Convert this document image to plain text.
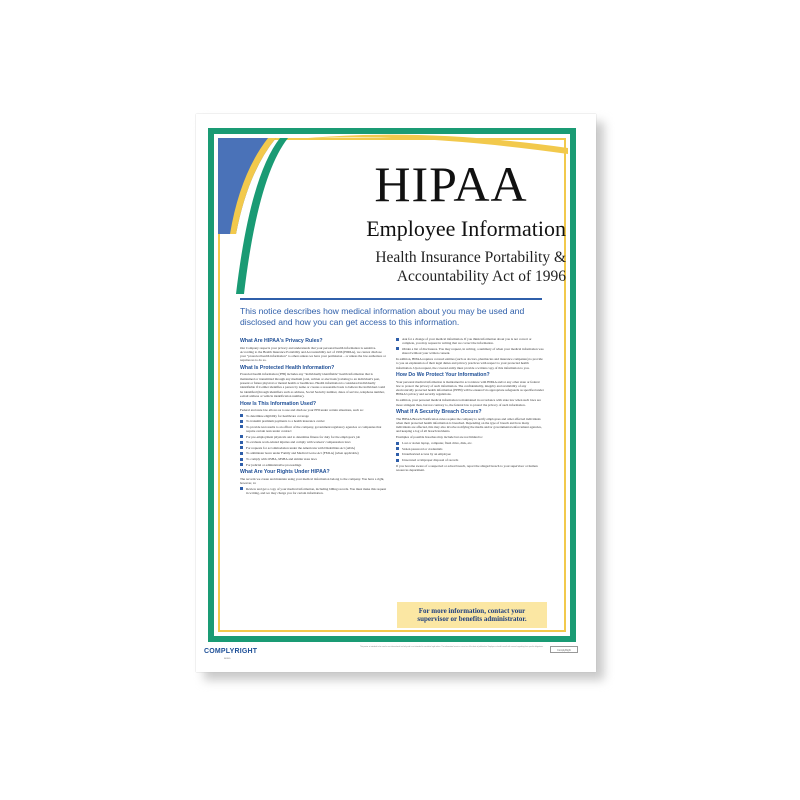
HIPAA
Employee Information
Health Insurance Portability &
Accountability Act of 1996
This notice describes how medical information about you may be used and disclosed and how you can get access to this information.
What Are HIPAA's Privacy Rules?

Our Company respects your privacy and understands that your personal health information is sensitive. According to the Health Insurance Portability and Accountability Act of 1996 (HIPAA), we cannot disclose your "protected health information" to others unless we have your permission – or unless the law authorizes or requires us to do so.

What Is Protected Health Information?

Protected health information (PHI) includes any "individually identifiable" health information that is maintained or transmitted through any medium (oral, written or electronic) relating to an individual's past, present or future physical or mental health or healthcare. Health information is considered individually identifiable if it either identifies a person by name or creates a reasonable basis to believe the individual could be identified (through identifiers such as address, Social Security number, dates of service, telephone number, e-mail address or vehicle identification number).

How Is This Information Used?

Federal and state law allows us to use and disclose your PHI under certain situations, such as:

To determine eligibility for healthcare coverage
To transmit premium payments to a health insurance carrier
To provide test results to an officer of the company, government regulatory agencies or companies that require certain tests under contract
For pre-employment physicals and to determine fitness for duty for the employee's job
To evaluate work-related injuries and comply with workers' compensation laws
For requests for accommodation under the Americans with Disabilities Act (ADA)
To administer leave under Family and Medical Leave Act (FMLA) (when applicable)
To comply with OSHA, MSHA and similar state laws
For judicial or administrative proceedings
What Are Your Rights Under HIPAA?

The records we create and maintain using your medical information belong to the company. You have a right, however, to:

Review and get a copy of your medical information, including billing records. You must make this request in writing, and we may charge you for certain information.
Ask for a change of your medical information. If you think information about you is not correct or complete, you may request in writing that we correct the information.
Obtain a list of disclosures. You may request, in writing, a summary of when your medical information was shared without your written consent.

In addition, HIPAA requires covered entities (such as doctors, pharmacies and insurance companies) to provide to you an explanation of their legal duties and privacy practices with respect to your protected health information. Upon request, the covered entity must provide a written copy of this information to you.

How Do We Protect Your Information?

Your personal medical information is maintained in accordance with HIPAA and/or any other state or federal law to protect the privacy of such information. The confidentiality, integrity and availability of any electronically protected health information (EPHI) will be ensured via appropriate safeguards as specified under HIPAA's privacy and security regulations.

In addition, your personal medical information is maintained in accordance with state law when such laws are more stringent than, but not contrary to, the federal law to protect the privacy of such information.

What If A Security Breach Occurs?

The HIPAA Breach Notification rules require the company to notify employees and other affected individuals when their protected health information is breached. Depending on the type of breach and how many individuals are affected, this may also involve notifying the media and/or governmental enforcement agencies, and keeping a log of all breach incidents.

Examples of possible breaches may include but are not limited to:

Lost or stolen laptop, computer, flash drive, disk, etc.
Stolen password or credentials
Unauthorized access by an employee
Unsecured or improper disposal of records

If you become aware of a suspected or actual breach, report the alleged breach to your supervisor or human resources department.

For more information, contact your
supervisor or benefits administrator.
COMPLYRIGHT
R0905
This poster is intended to be used as an informational tool only and is not intended to constitute legal advice. The information herein is current as of the date of publication. Employers should consult with counsel regarding their specific obligations.
ComplyRight
